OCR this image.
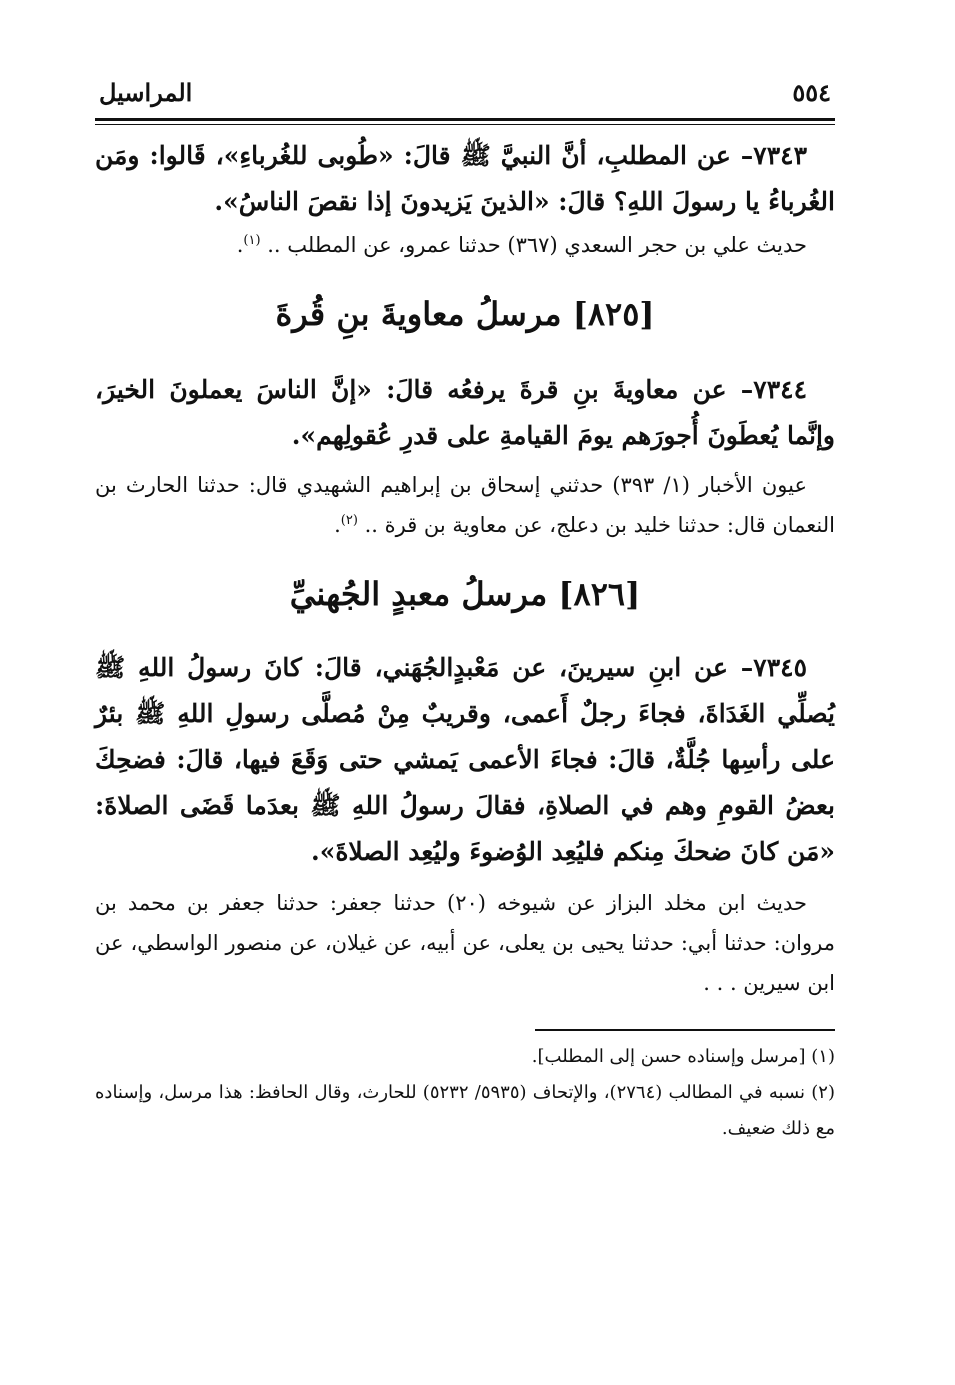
٥٥٤
المراسيل

٧٣٤٣– عن المطلبِ، أنَّ النبيَّ ﷺ قالَ: «طُوبى للغُرباءِ»، قَالوا: ومَن الغُرباءُ يا رسولَ اللهِ؟ قالَ: «الذينَ يَزيدونَ إذا نقصَ الناسُ».

حديث علي بن حجر السعدي (٣٦٧) حدثنا عمرو، عن المطلب .. $^{(١)}$.

[٨٢٥] مرسلُ معاويةَ بنِ قُرةَ

٧٣٤٤– عن معاويةَ بنِ قرةَ يرفعُه قالَ: «إنَّ الناسَ يعملونَ الخيرَ، وإنَّما يُعطَونَ أُجورَهم يومَ القيامةِ على قدرِ عُقولِهم».

عيون الأخبار (١/ ٣٩٣) حدثني إسحاق بن إبراهيم الشهيدي قال: حدثنا الحارث بن النعمان قال: حدثنا خليد بن دعلج، عن معاوية بن قرة .. $^{(٢)}$.

[٨٢٦] مرسلُ معبدٍ الجُهنيِّ

٧٣٤٥– عن ابنِ سيرينَ، عن مَعْبدٍالجُهَني، قالَ: كانَ رسولُ اللهِ ﷺ يُصلِّي الغَدَاةَ، فجاءَ رجلٌ أَعمى، وقريبٌ مِنْ مُصلَّى رسولِ اللهِ ﷺ بئرٌ على رأسِها جُلَّةٌ، قالَ: فجاءَ الأعمى يَمشي حتى وَقَعَ فيها، قالَ: فضحِكَ بعضُ القومِ وهم في الصلاةِ، فقالَ رسولُ اللهِ ﷺ بعدَما قَضَى الصلاةَ: «مَن كانَ ضحكَ مِنكم فليُعِد الوُضوءَ وليُعِد الصلاةَ».

حديث ابن مخلد البزاز عن شيوخه (٢٠) حدثنا جعفر: حدثنا جعفر بن محمد بن مروان: حدثنا أبي: حدثنا يحيى بن يعلى، عن أبيه، عن غيلان، عن منصور الواسطي، عن ابن سيرين . . .

(١) [مرسل وإسناده حسن إلى المطلب].

(٢) نسبه في المطالب (٢٧٦٤)، والإتحاف (٥٩٣٥/ ٥٢٣٢) للحارث، وقال الحافظ: هذا مرسل، وإسناده مع ذلك ضعيف.
